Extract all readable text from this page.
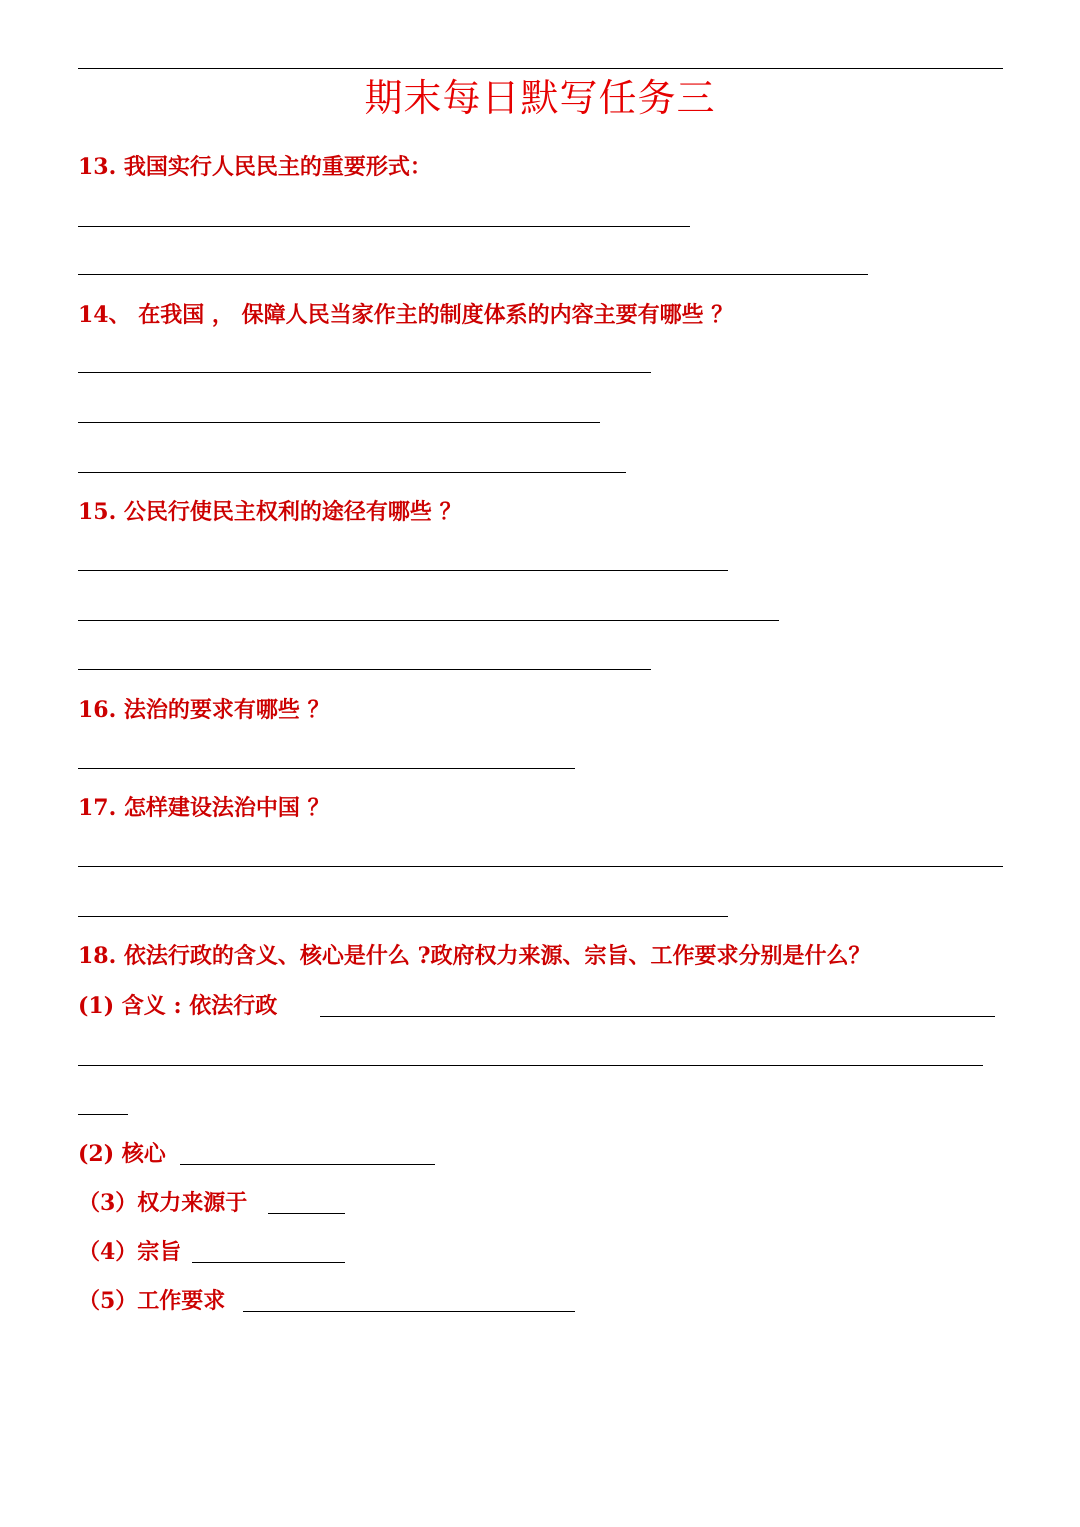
期末每日默写任务三
13. 我国实行人民民主的重要形式：
14、 在我国 ， 保障人民当家作主的制度体系的内容主要有哪些 ？
15. 公民行使民主权利的途径有哪些 ？
16. 法治的要求有哪些 ？
17. 怎样建设法治中国 ？
18. 依法行政的含义、核心是什么 ?政府权力来源、宗旨、工作要求分别是什么？
(1) 含义 : 依法行政
(2) 核心
（3）权力来源于
（4）宗旨
（5）工作要求
